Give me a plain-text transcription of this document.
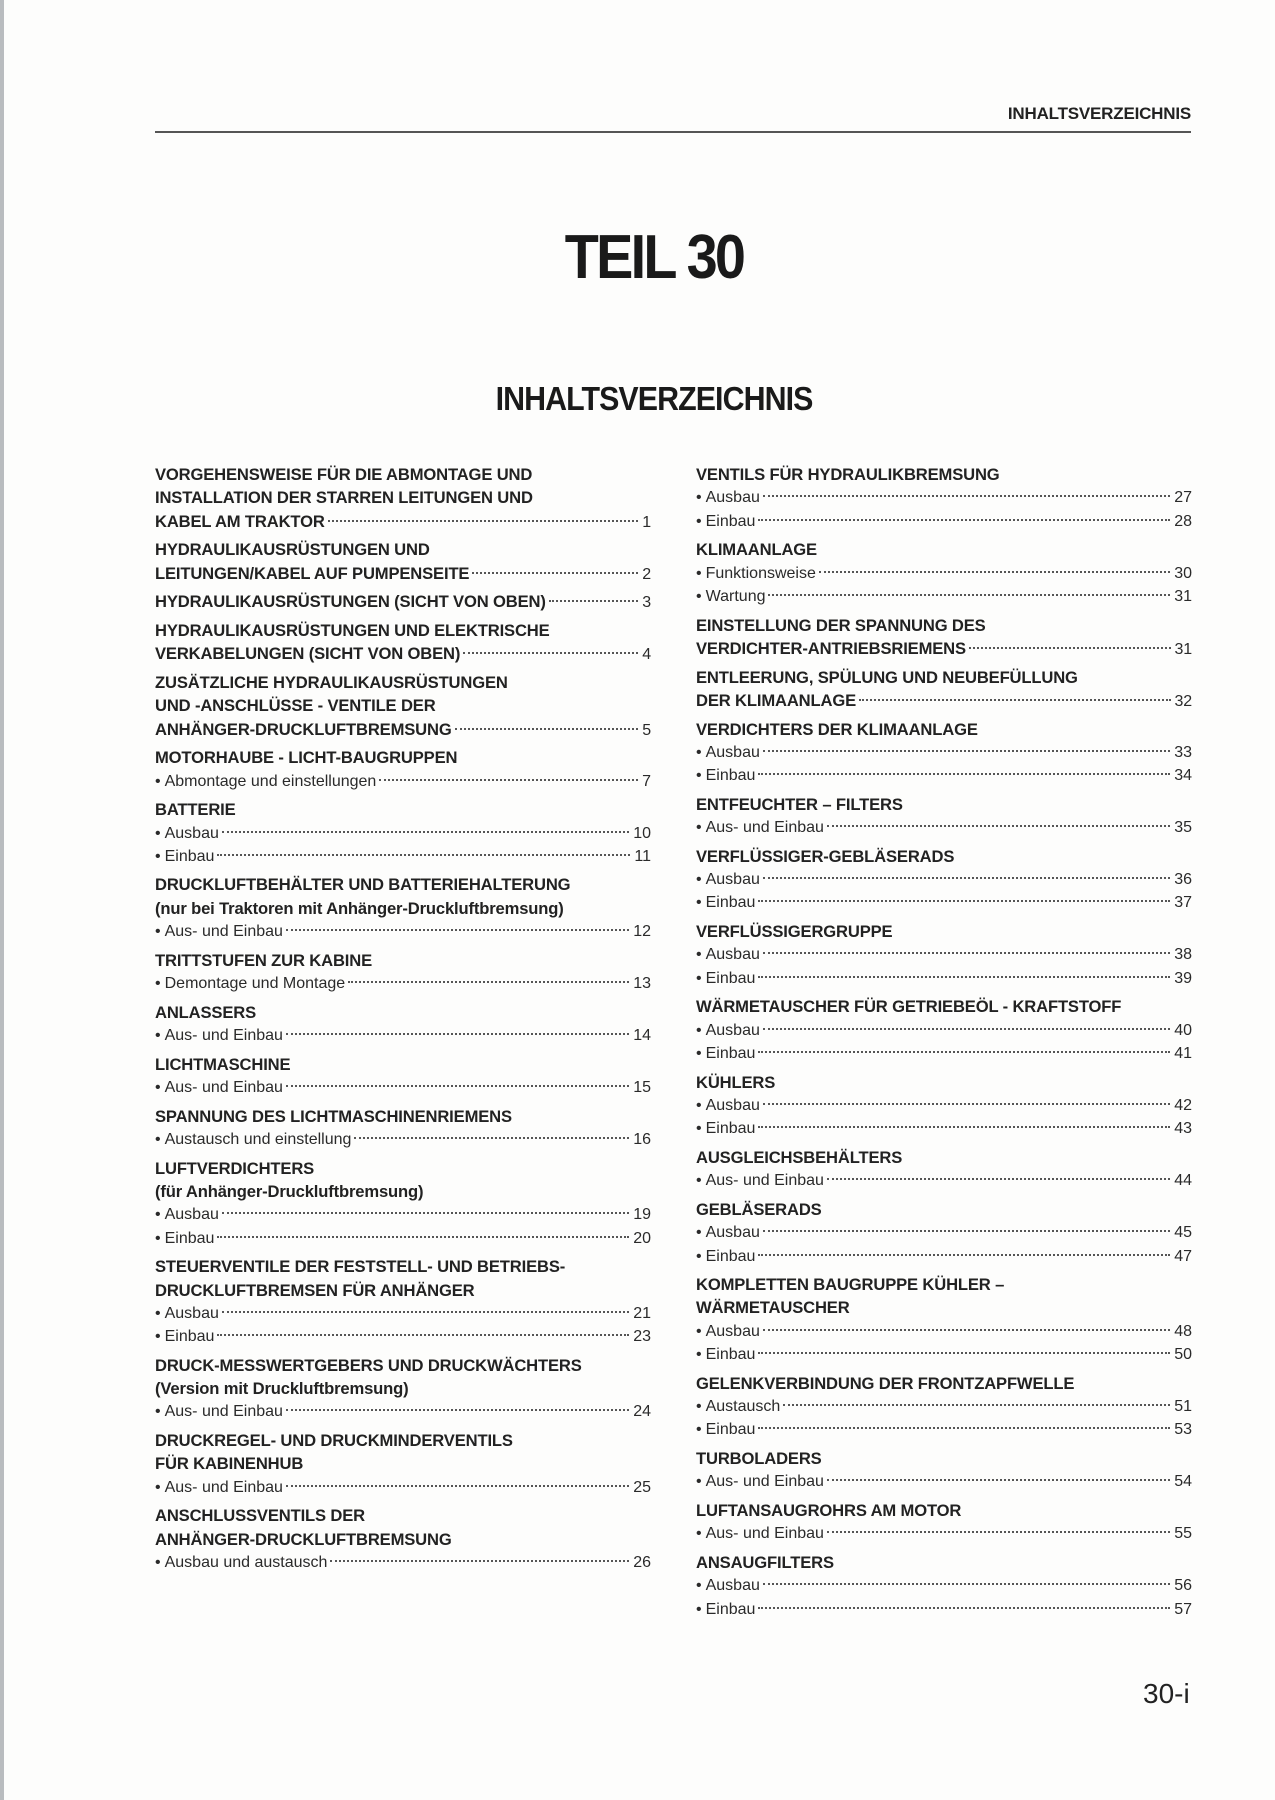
INHALTSVERZEICHNIS
TEIL 30
INHALTSVERZEICHNIS
VORGEHENSWEISE FÜR DIE ABMONTAGE UND
INSTALLATION DER STARREN LEITUNGEN UND
KABEL AM TRAKTOR	1
HYDRAULIKAUSRÜSTUNGEN UND
LEITUNGEN/KABEL AUF PUMPENSEITE	2
HYDRAULIKAUSRÜSTUNGEN (SICHT VON OBEN)	3
HYDRAULIKAUSRÜSTUNGEN UND ELEKTRISCHE
VERKABELUNGEN (SICHT VON OBEN)	4
ZUSÄTZLICHE HYDRAULIKAUSRÜSTUNGEN
UND -ANSCHLÜSSE - VENTILE DER
ANHÄNGER-DRUCKLUFTBREMSUNG	5
MOTORHAUBE - LICHT-BAUGRUPPEN
• Abmontage und einstellungen	7
BATTERIE
• Ausbau	10
• Einbau	11
DRUCKLUFTBEHÄLTER UND BATTERIEHALTERUNG
(nur bei Traktoren mit Anhänger-Druckluftbremsung)
• Aus- und Einbau	12
TRITTSTUFEN ZUR KABINE
• Demontage und Montage	13
ANLASSERS
• Aus- und Einbau	14
LICHTMASCHINE
• Aus- und Einbau	15
SPANNUNG DES LICHTMASCHINENRIEMENS
• Austausch und einstellung	16
LUFTVERDICHTERS
(für Anhänger-Druckluftbremsung)
• Ausbau	19
• Einbau	20
STEUERVENTILE DER FESTSTELL- UND BETRIEBS-
DRUCKLUFTBREMSEN FÜR ANHÄNGER
• Ausbau	21
• Einbau	23
DRUCK-MESSWERTGEBERS UND DRUCKWÄCHTERS
(Version mit Druckluftbremsung)
• Aus- und Einbau	24
DRUCKREGEL- UND DRUCKMINDERVENTILS
FÜR KABINENHUB
• Aus- und Einbau	25
ANSCHLUSSVENTILS DER
ANHÄNGER-DRUCKLUFTBREMSUNG
• Ausbau und austausch	26
VENTILS FÜR HYDRAULIKBREMSUNG
• Ausbau	27
• Einbau	28
KLIMAANLAGE
• Funktionsweise	30
• Wartung	31
EINSTELLUNG DER SPANNUNG DES
VERDICHTER-ANTRIEBSRIEMENS	31
ENTLEERUNG, SPÜLUNG UND NEUBEFÜLLUNG
DER KLIMAANLAGE	32
VERDICHTERS DER KLIMAANLAGE
• Ausbau	33
• Einbau	34
ENTFEUCHTER – FILTERS
• Aus- und Einbau	35
VERFLÜSSIGER-GEBLÄSERADS
• Ausbau	36
• Einbau	37
VERFLÜSSIGERGRUPPE
• Ausbau	38
• Einbau	39
WÄRMETAUSCHER FÜR GETRIEBEÖL - KRAFTSTOFF
• Ausbau	40
• Einbau	41
KÜHLERS
• Ausbau	42
• Einbau	43
AUSGLEICHSBEHÄLTERS
• Aus- und Einbau	44
GEBLÄSERADS
• Ausbau	45
• Einbau	47
KOMPLETTEN BAUGRUPPE KÜHLER –
WÄRMETAUSCHER
• Ausbau	48
• Einbau	50
GELENKVERBINDUNG DER FRONTZAPFWELLE
• Austausch	51
• Einbau	53
TURBOLADERS
• Aus- und Einbau	54
LUFTANSAUGROHRS AM MOTOR
• Aus- und Einbau	55
ANSAUGFILTERS
• Ausbau	56
• Einbau	57
30-i
